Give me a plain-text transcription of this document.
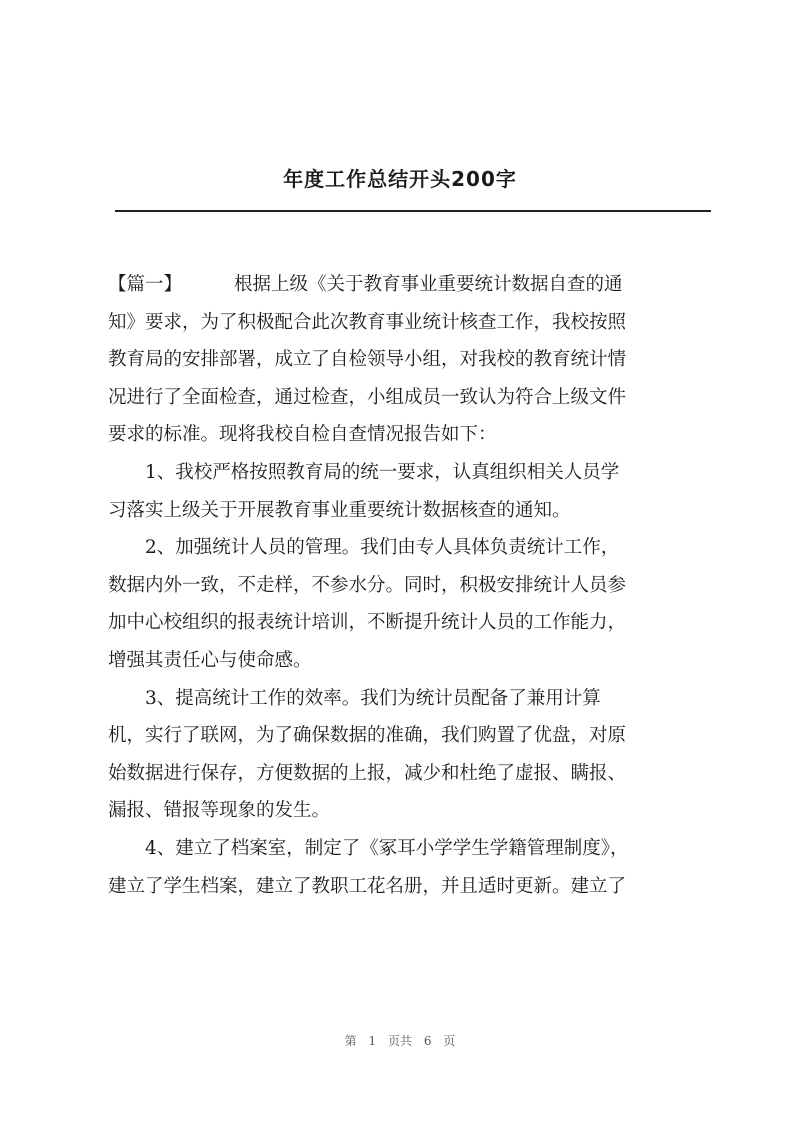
年度工作总结开头200字

【篇一】	根据上级《关于教育事业重要统计数据自查的通
知》要求，为了积极配合此次教育事业统计核查工作，我校按照
教育局的安排部署，成立了自检领导小组，对我校的教育统计情
况进行了全面检查，通过检查，小组成员一致认为符合上级文件
要求的标准。现将我校自检自查情况报告如下：

1、我校严格按照教育局的统一要求，认真组织相关人员学
习落实上级关于开展教育事业重要统计数据核查的通知。

2、加强统计人员的管理。我们由专人具体负责统计工作，
数据内外一致，不走样，不参水分。同时，积极安排统计人员参
加中心校组织的报表统计培训，不断提升统计人员的工作能力，
增强其责任心与使命感。

3、提高统计工作的效率。我们为统计员配备了兼用计算
机，实行了联网，为了确保数据的准确，我们购置了优盘，对原
始数据进行保存，方便数据的上报，减少和杜绝了虚报、瞒报、
漏报、错报等现象的发生。

4、建立了档案室，制定了《冢耳小学学生学籍管理制度》，
建立了学生档案，建立了教职工花名册，并且适时更新。建立了

第 1 页共 6 页
